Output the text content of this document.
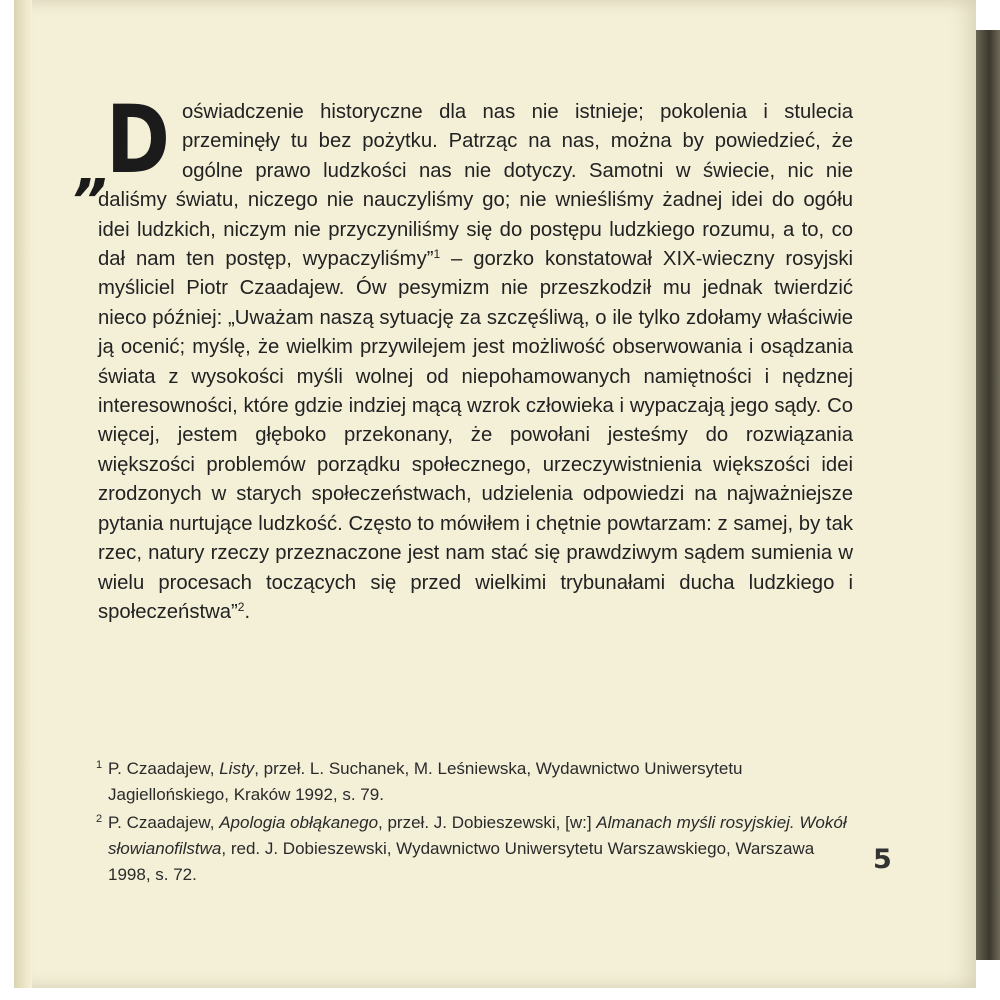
„
D oświadczenie historyczne dla nas nie istnieje; pokolenia i stulecia przeminęły tu bez pożytku. Patrząc na nas, można by powiedzieć, że ogólne prawo ludzkości nas nie dotyczy. Samotni w świecie, nic nie daliśmy światu, niczego nie nauczyliśmy go; nie wnieśliśmy żadnej idei do ogółu idei ludzkich, niczym nie przyczyniliśmy się do postępu ludzkiego rozumu, a to, co dał nam ten postęp, wypaczyliśmy”$^1$ – gorzko konstatował XIX-wieczny rosyjski myśliciel Piotr Czaadajew. Ów pesymizm nie przeszkodził mu jednak twierdzić nieco później: „Uważam naszą sytuację za szczęśliwą, o ile tylko zdołamy właściwie ją ocenić; myślę, że wielkim przywilejem jest możliwość obserwowania i osądzania świata z wysokości myśli wolnej od niepohamowanych namiętności i nędznej interesowności, które gdzie indziej mącą wzrok człowieka i wypaczają jego sądy. Co więcej, jestem głęboko przekonany, że powołani jesteśmy do rozwiązania większości problemów porządku społecznego, urzeczywistnienia większości idei zrodzonych w starych społeczeństwach, udzielenia odpowiedzi na najważniejsze pytania nurtujące ludzkość. Często to mówiłem i chętnie powtarzam: z samej, by tak rzec, natury rzeczy przeznaczone jest nam stać się prawdziwym sądem sumienia w wielu procesach toczących się przed wielkimi trybunałami ducha ludzkiego i społeczeństwa”$^2$.
1 P. Czaadajew, Listy, przeł. L. Suchanek, M. Leśniewska, Wydawnictwo Uniwersytetu Jagiellońskiego, Kraków 1992, s. 79.
2 P. Czaadajew, Apologia obłąkanego, przeł. J. Dobieszewski, [w:] Almanach myśli rosyjskiej. Wokół słowianofilstwa, red. J. Dobieszewski, Wydawnictwo Uniwersytetu Warszawskiego, Warszawa 1998, s. 72.	5
